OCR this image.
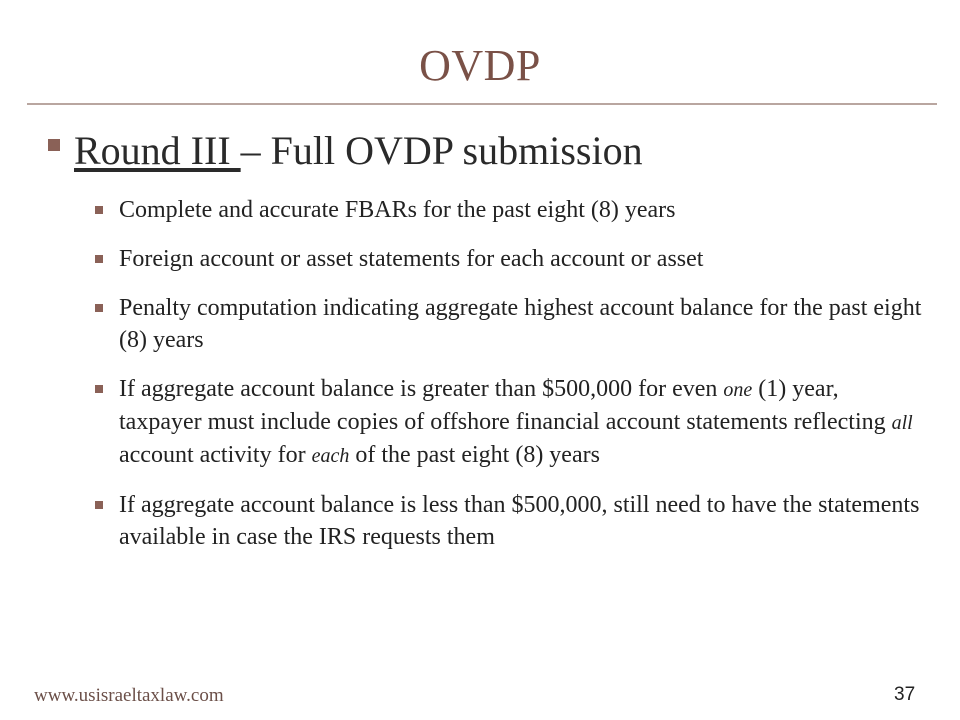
OVDP
Round III – Full OVDP submission
Complete and accurate FBARs for the past eight (8) years
Foreign account or asset statements for each account or asset
Penalty computation indicating aggregate highest account balance for the past eight (8) years
If aggregate account balance is greater than $500,000 for even one (1) year, taxpayer must include copies of offshore financial account statements reflecting all account activity for each of the past eight (8) years
If aggregate account balance is less than $500,000, still need to have the statements available in case the IRS requests them
www.usisraeltaxlaw.com	37
